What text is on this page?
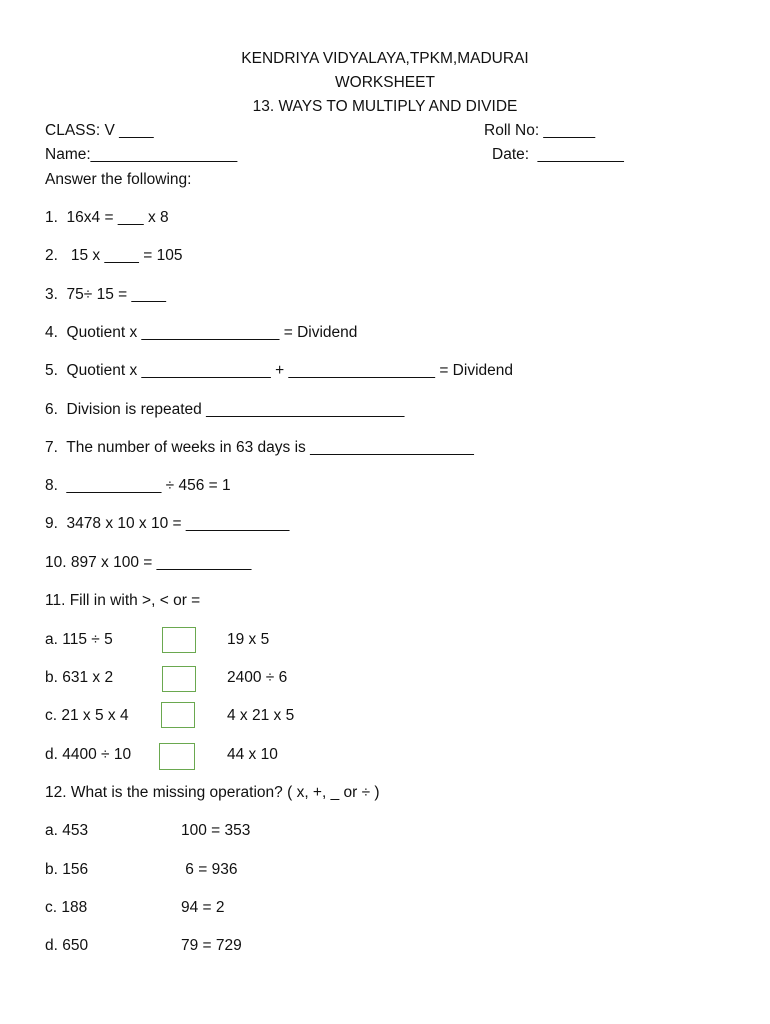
KENDRIYA VIDYALAYA,TPKM,MADURAI
WORKSHEET
13. WAYS TO MULTIPLY AND DIVIDE
CLASS: V ____	Roll No: ______
Name:_________________	Date:  __________
Answer the following:
1.  16x4 = ___ x 8
2.   15 x ____ = 105
3.  75÷ 15 = ____
4.  Quotient x ________________ = Dividend
5.  Quotient x _______________ + _________________ = Dividend
6.  Division is repeated _______________________
7.  The number of weeks in 63 days is ___________________
8.  ___________ ÷ 456 = 1
9.  3478 x 10 x 10 = ____________
10. 897 x 100 = ___________
11. Fill in with >, < or =
a. 115 ÷ 5	19 x 5
b. 631 x 2	2400 ÷ 6
c. 21 x 5 x 4	4 x 21 x 5
d. 4400 ÷ 10	44 x 10
12. What is the missing operation? ( x, +, _ or ÷ )
a. 453	100 = 353
b. 156	6 = 936
c. 188	94 = 2
d. 650	79 = 729
